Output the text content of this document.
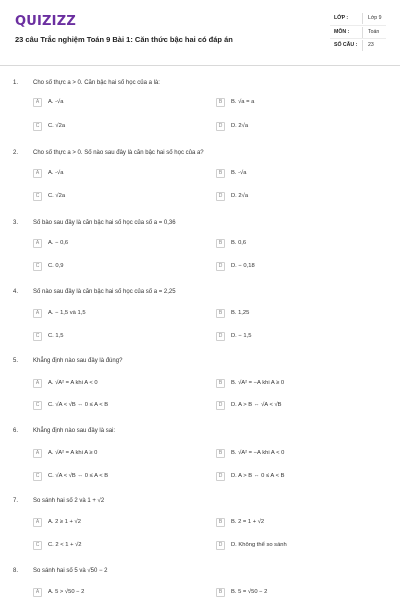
QUIZIZZ
23 câu Trắc nghiệm Toán 9 Bài 1: Căn thức bậc hai có đáp án
LỚP :	Lớp 9
MÔN :	Toán
SỐ CÂU : 23
1. Cho số thực a > 0. Căn bậc hai số học của a là:
A	A. -√a	B	B. √a = a
C	C. √2a	D	D. 2√a
2. Cho số thực a > 0. Số nào sau đây là căn bậc hai số học của a?
A	A. -√a	B	B. -√a
C	C. √2a	D	D. 2√a
3. Số bào sau đây là căn bậc hai số học của số a = 0,36
A	A. − 0,6	B	B. 0,6
C	C. 0,9	D	D. − 0,18
4. Số nào sau đây là căn bậc hai số học của số a = 2,25
A	A. − 1,5 và 1,5	B	B. 1,25
C	C. 1,5	D	D. − 1,5
5. Khẳng định nào sau đây là đúng?
A	A. √A² = A khi A < 0	B	B. √A² = −A khi A ≥ 0
C	C. √A < √B ⇔ 0 ≤ A < B	D	D. A > B ⇔ √A < √B
6. Khẳng định nào sau đây là sai:
A	A. √A² = A khi A ≥ 0	B	B. √A² = −A khi A < 0
C	C. √A < √B ⇔ 0 ≤ A < B	D	D. A > B ⇔ 0 ≤ A < B
7. So sánh hai số 2 và 1 + √2
A	A. 2 ≥ 1 + √2	B	B. 2 = 1 + √2
C	C. 2 < 1 + √2	D	D. Không thể so sánh
8. So sánh hai số 5 và √50 − 2
A	A. 5 > √50 − 2	B	B. 5 = √50 − 2
